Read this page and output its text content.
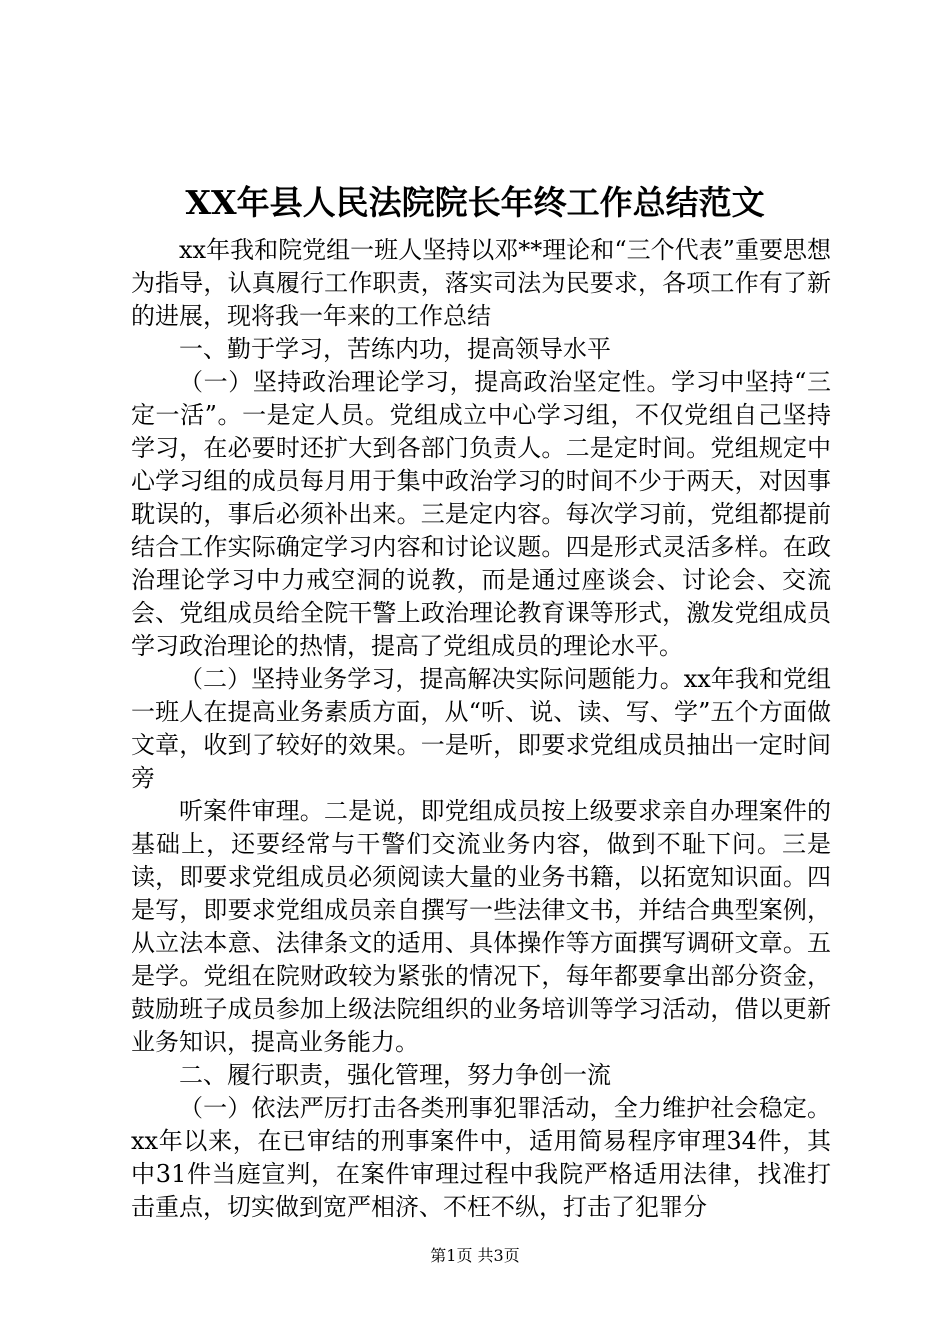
XX年县人民法院院长年终工作总结范文

xx年我和院党组一班人坚持以邓**理论和“三个代表”重要思想为指导，认真履行工作职责，落实司法为民要求，各项工作有了新的进展，现将我一年来的工作总结

一、勤于学习，苦练内功，提高领导水平

（一）坚持政治理论学习，提高政治坚定性。学习中坚持“三定一活”。一是定人员。党组成立中心学习组，不仅党组自己坚持学习，在必要时还扩大到各部门负责人。二是定时间。党组规定中心学习组的成员每月用于集中政治学习的时间不少于两天，对因事耽误的，事后必须补出来。三是定内容。每次学习前，党组都提前结合工作实际确定学习内容和讨论议题。四是形式灵活多样。在政治理论学习中力戒空洞的说教，而是通过座谈会、讨论会、交流会、党组成员给全院干警上政治理论教育课等形式，激发党组成员学习政治理论的热情，提高了党组成员的理论水平。

（二）坚持业务学习，提高解决实际问题能力。xx年我和党组一班人在提高业务素质方面，从“听、说、读、写、学”五个方面做文章，收到了较好的效果。一是听，即要求党组成员抽出一定时间旁

听案件审理。二是说，即党组成员按上级要求亲自办理案件的基础上，还要经常与干警们交流业务内容，做到不耻下问。三是读，即要求党组成员必须阅读大量的业务书籍，以拓宽知识面。四是写，即要求党组成员亲自撰写一些法律文书，并结合典型案例，从立法本意、法律条文的适用、具体操作等方面撰写调研文章。五是学。党组在院财政较为紧张的情况下，每年都要拿出部分资金，鼓励班子成员参加上级法院组织的业务培训等学习活动，借以更新业务知识，提高业务能力。

二、履行职责，强化管理，努力争创一流

（一）依法严厉打击各类刑事犯罪活动，全力维护社会稳定。xx年以来，在已审结的刑事案件中，适用简易程序审理34件，其中31件当庭宣判，在案件审理过程中我院严格适用法律，找准打击重点，切实做到宽严相济、不枉不纵，打击了犯罪分

第1页 共3页
